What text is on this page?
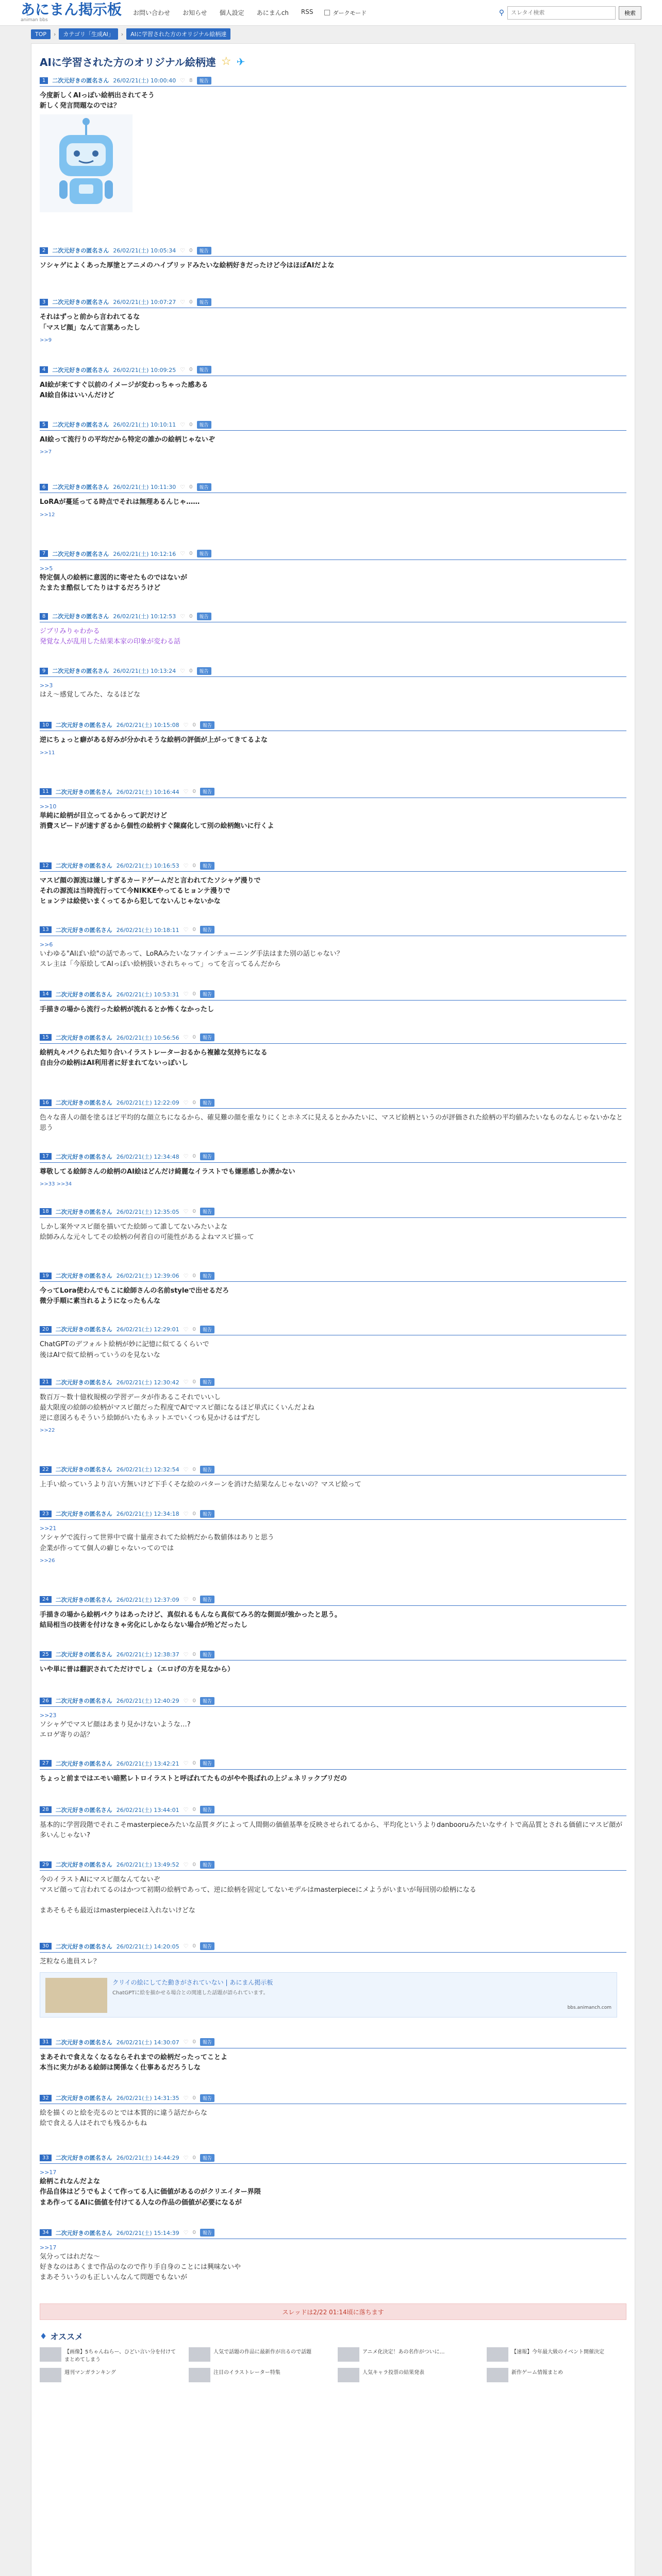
あにまん掲示板
animan bbs
お問い合わせ お知らせ 個人設定 あにまんch RSS	ダークモード	⚲
スレタイ検索	検索
TOP	›	カテゴリ「生成AI」	›	AIに学習された方のオリジナル絵柄達
AIに学習された方のオリジナル絵柄達 ☆ ✈
1	二次元好きの匿名さん 26/02/21(土) 10:00:40 ♡ 8	報告

今度新しくAIっぽい絵柄出されてそう
新しく発言問題なのでは？

2	二次元好きの匿名さん 26/02/21(土) 10:05:34 ♡ 0	報告

ソシャゲによくあった厚塗とアニメのハイブリッドみたいな絵柄好きだったけど今はほぼAIだよな

3	二次元好きの匿名さん 26/02/21(土) 10:07:27 ♡ 0	報告

それはずっと前から言われてるな
「マスピ顔」なんて言葉あったし

>>9
4	二次元好きの匿名さん 26/02/21(土) 10:09:25 ♡ 0	報告

AI絵が来てすぐ以前のイメージが変わっちゃった感ある
AI絵自体はいいんだけど

5	二次元好きの匿名さん 26/02/21(土) 10:10:11 ♡ 0	報告

AI絵って流行りの平均だから特定の誰かの絵柄じゃないぞ

>>7
6	二次元好きの匿名さん 26/02/21(土) 10:11:30 ♡ 0	報告

LoRAが蔓延ってる時点でそれは無理あるんじゃ……

>>12
7	二次元好きの匿名さん 26/02/21(土) 10:12:16 ♡ 0	報告
>>5

特定個人の絵柄に意図的に寄せたものではないが
たまたま酷似してたりはするだろうけど

8	二次元好きの匿名さん 26/02/21(土) 10:12:53 ♡ 0	報告

ジブリみりゃわかる
発覚な人が乱用した結果本家の印象が変わる話

9	二次元好きの匿名さん 26/02/21(土) 10:13:24 ♡ 0	報告
>>3

はえ～感覚してみた、なるほどな

10	二次元好きの匿名さん 26/02/21(土) 10:15:08 ♡ 0	報告

逆にちょっと癖がある好みが分かれそうな絵柄の評価が上がってきてるよな

>>11
11	二次元好きの匿名さん 26/02/21(土) 10:16:44 ♡ 0	報告
>>10

単純に絵柄が目立ってるからって訳だけど
消費スピードが速すぎるから個性の絵柄すぐ陳腐化して別の絵柄飽いに行くよ

12	二次元好きの匿名さん 26/02/21(土) 10:16:53 ♡ 0	報告

マスピ顔の源流は嫌しすぎるカードゲームだと言われてたソシャゲ漫りで
それの源流は当時流行ってて今NIKKEやってるヒョンテ漫りで
ヒョンテは絵使いまくってるから犯してないんじゃないかな

13	二次元好きの匿名さん 26/02/21(土) 10:18:11 ♡ 0	報告
>>6

いわゆる"AIぽい絵"の話であって、LoRAみたいなファインチューニング手法はまた別の話じゃない？
スレ主は「今原絵してAIっぽい絵柄扱いされちゃって」ってを言ってるんだから

14	二次元好きの匿名さん 26/02/21(土) 10:53:31 ♡ 0	報告

手描きの場から流行った絵柄が流れるとか怖くなかったし

15	二次元好きの匿名さん 26/02/21(土) 10:56:56 ♡ 0	報告

絵柄丸々パクられた知り合いイラストレーターおるから複雑な気持ちになる
自由分の絵柄はAI利用者に好まれてないっぽいし

16	二次元好きの匿名さん 26/02/21(土) 12:22:09 ♡ 0	報告

色々な喜人の顔を塗るほど平均的な顔立ちになるから、確見難の顔を重なりにくとホネズに見えるとかみたいに、マスピ絵柄というのが評価された絵柄の平均値みたいなものなんじゃないかなと思う

17	二次元好きの匿名さん 26/02/21(土) 12:34:48 ♡ 0	報告

尊敬してる絵師さんの絵柄のAI絵はどんだけ綺麗なイラストでも嫌悪感しか湧かない

>>33 >>34
18	二次元好きの匿名さん 26/02/21(土) 12:35:05 ♡ 0	報告

しかし案外マスピ顔を描いてた絵師って誰してないみたいよな
絵師みんな元々してその絵柄の何者自の可能性があるよねマスピ描って

19	二次元好きの匿名さん 26/02/21(土) 12:39:06 ♡ 0	報告

今ってLora使わんでもこに絵師さんの名前styleで出せるだろ
微分手順に素当れるようになったもんな

20	二次元好きの匿名さん 26/02/21(土) 12:29:01 ♡ 0	報告

ChatGPTのデフォルト絵柄が妙に記憶に似てるくらいで
後はAIで似て絵柄っていうのを見ないな

21	二次元好きの匿名さん 26/02/21(土) 12:30:42 ♡ 0	報告

数百万～数十億枚規模の学習データが作あるこそれでいいし
最大限度の絵師の絵柄がマスピ顔だった程度でAIでマスピ顔になるほど単式にくいんだよね
逆に意図ろもそういう絵師がいたもネットエでいくつも見かけるはずだし

>>22
22	二次元好きの匿名さん 26/02/21(土) 12:32:54 ♡ 0	報告

上手い絵っていうより言い方無いけど下手くそな絵のパターンを消けた結果なんじゃないの？マスピ絵って

23	二次元好きの匿名さん 26/02/21(土) 12:34:18 ♡ 0	報告
>>21

ソシャゲで流行って世界中で腐十量産されてた絵柄だから数値体はありと思う
企業が作ってて個人の癖じゃないってのでは

>>26
24	二次元好きの匿名さん 26/02/21(土) 12:37:09 ♡ 0	報告

手描きの場から絵柄パクりはあったけど、真似れるもんなら真似てみろ的な側面が強かったと思う。
結局相当の技術を付けなきゃ劣化にしかならない場合が殆どだったし

25	二次元好きの匿名さん 26/02/21(土) 12:38:37 ♡ 0	報告

いや単に普は翻訳されてただけでしょ（エロげの方を見なから）

26	二次元好きの匿名さん 26/02/21(土) 12:40:29 ♡ 0	報告
>>23

ソシャゲでマスピ顔はあまり見かけないような…?
エロゲ寄りの話？

27	二次元好きの匿名さん 26/02/21(土) 13:42:21 ♡ 0	報告

ちょっと前まではエモい暗黙レトロイラストと呼ばれてたものがやや畏ばれの上ジェネリックブリだの

28	二次元好きの匿名さん 26/02/21(土) 13:44:01 ♡ 0	報告

基本的に学習段階でそれこそmasterpieceみたいな品質タグによって人間側の価値基準を反映させられてるから、平均化というよりdanbooruみたいなサイトで高品質とされる価値にマスピ顔が多いんじゃない?

29	二次元好きの匿名さん 26/02/21(土) 13:49:52 ♡ 0	報告

今のイラストAIにマスピ顔なんてないぞ
マスピ顔って言われてるのはかつて初期の絵柄であって、逆に絵柄を固定してないモデルはmasterpieceにメようがいまいが毎回別の絵柄になる

まあそもそも最近はmasterpieceは入れないけどな

30	二次元好きの匿名さん 26/02/21(土) 14:20:05 ♡ 0	報告

芝粒なら進員スレ？

クリイの絵にしてた動きがされていない | あにまん掲示板
ChatGPTに絵を描かせる場合との関連した話題が語られています。
bbs.animanch.com
31	二次元好きの匿名さん 26/02/21(土) 14:30:07 ♡ 0	報告

まあそれで食えなくなるならそれまでの絵柄だったってことよ
本当に実力がある絵師は関係なく仕事あるだろうしな

32	二次元好きの匿名さん 26/02/21(土) 14:31:35 ♡ 0	報告

絵を描くのと絵を売るのとでは本質的に違う話だからな
絵で食える人はそれでも残るかもね

33	二次元好きの匿名さん 26/02/21(土) 14:44:29 ♡ 0	報告
>>17

絵柄これなんだよな
作品自体はどうでもよくて作ってる人に価値があるのがクリエイター界隈
まあ作ってるAIに価値を付けてる人なの作品の価値が必要になるが

34	二次元好きの匿名さん 26/02/21(土) 15:14:39 ♡ 0	報告
>>17

気分ってはれだな～
好きなのはあくまで作品のなので作り手自身のことには興味ないや
まあそういうのも正しいんなんて問題でもないが

スレッドは2/22 01:14頃に落ちます
♦ オススメ
【画像】5ちゃんねらー、ひどい言い分を付けてまとめてしまう
人気で話題の作品に最新作が出るので話題	アニメ化決定！あの名作がついに…	【速報】今年最大級のイベント開催決定
週刊マンガランキング	注目のイラストレーター特集	人気キャラ投票の結果発表	新作ゲーム情報まとめ
